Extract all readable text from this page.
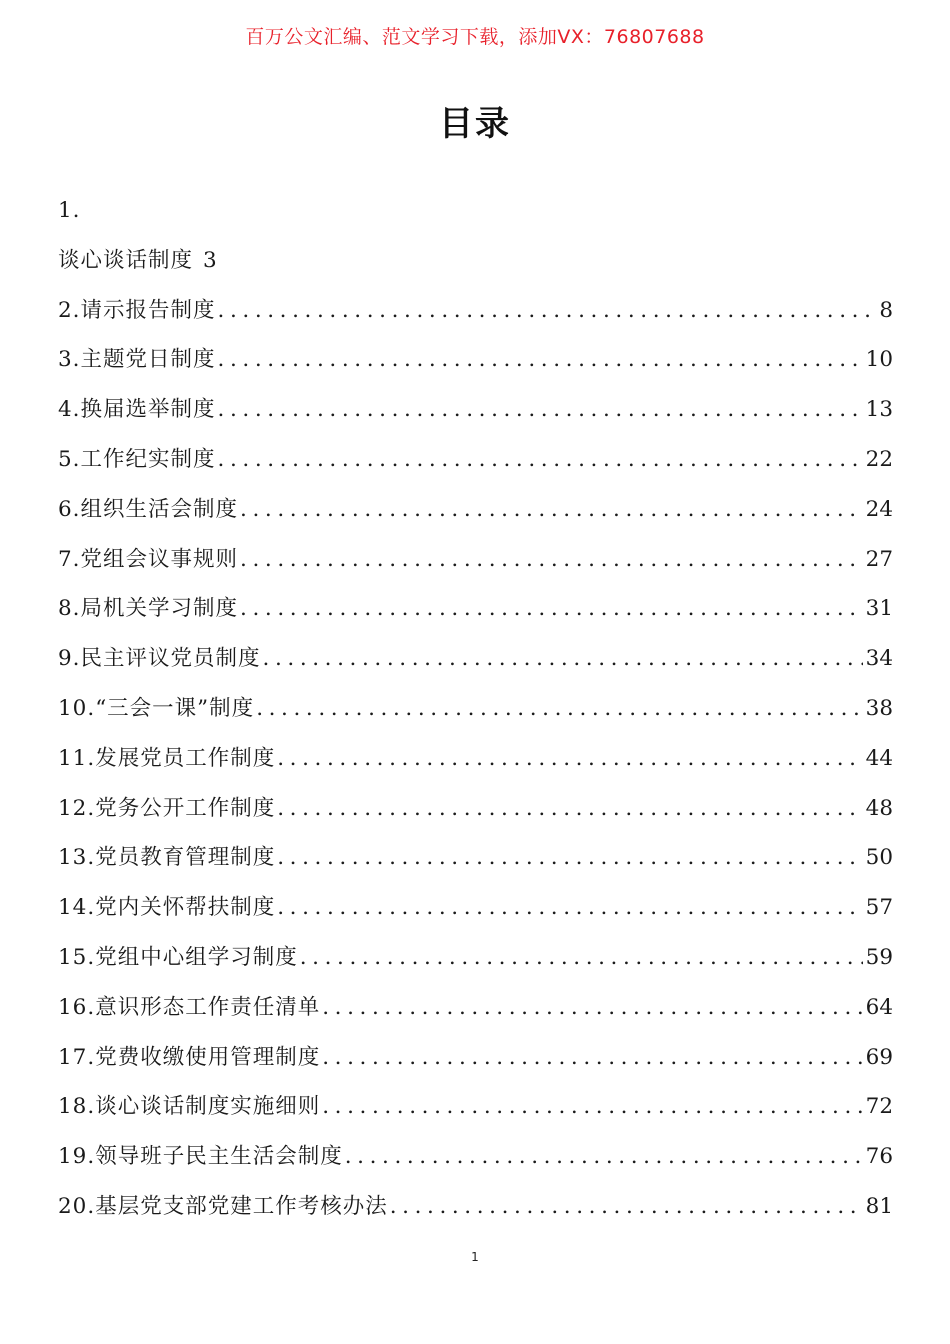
百万公文汇编、范文学习下载，添加VX：76807688
目录
1.
谈心谈话制度 3
2.请示报告制度 .....	8
3.主题党日制度 .....	10
4.换届选举制度 .....	13
5.工作纪实制度 .....	22
6.组织生活会制度 .....	24
7.党组会议事规则 .....	27
8.局机关学习制度 .....	31
9.民主评议党员制度 .....	34
10.“三会一课”制度 .....	38
11.发展党员工作制度 .....	44
12.党务公开工作制度 .....	48
13.党员教育管理制度 .....	50
14.党内关怀帮扶制度 .....	57
15.党组中心组学习制度 .....	59
16.意识形态工作责任清单 .....	64
17.党费收缴使用管理制度 .....	69
18.谈心谈话制度实施细则 .....	72
19.领导班子民主生活会制度 .....	76
20.基层党支部党建工作考核办法 .....	81
1
